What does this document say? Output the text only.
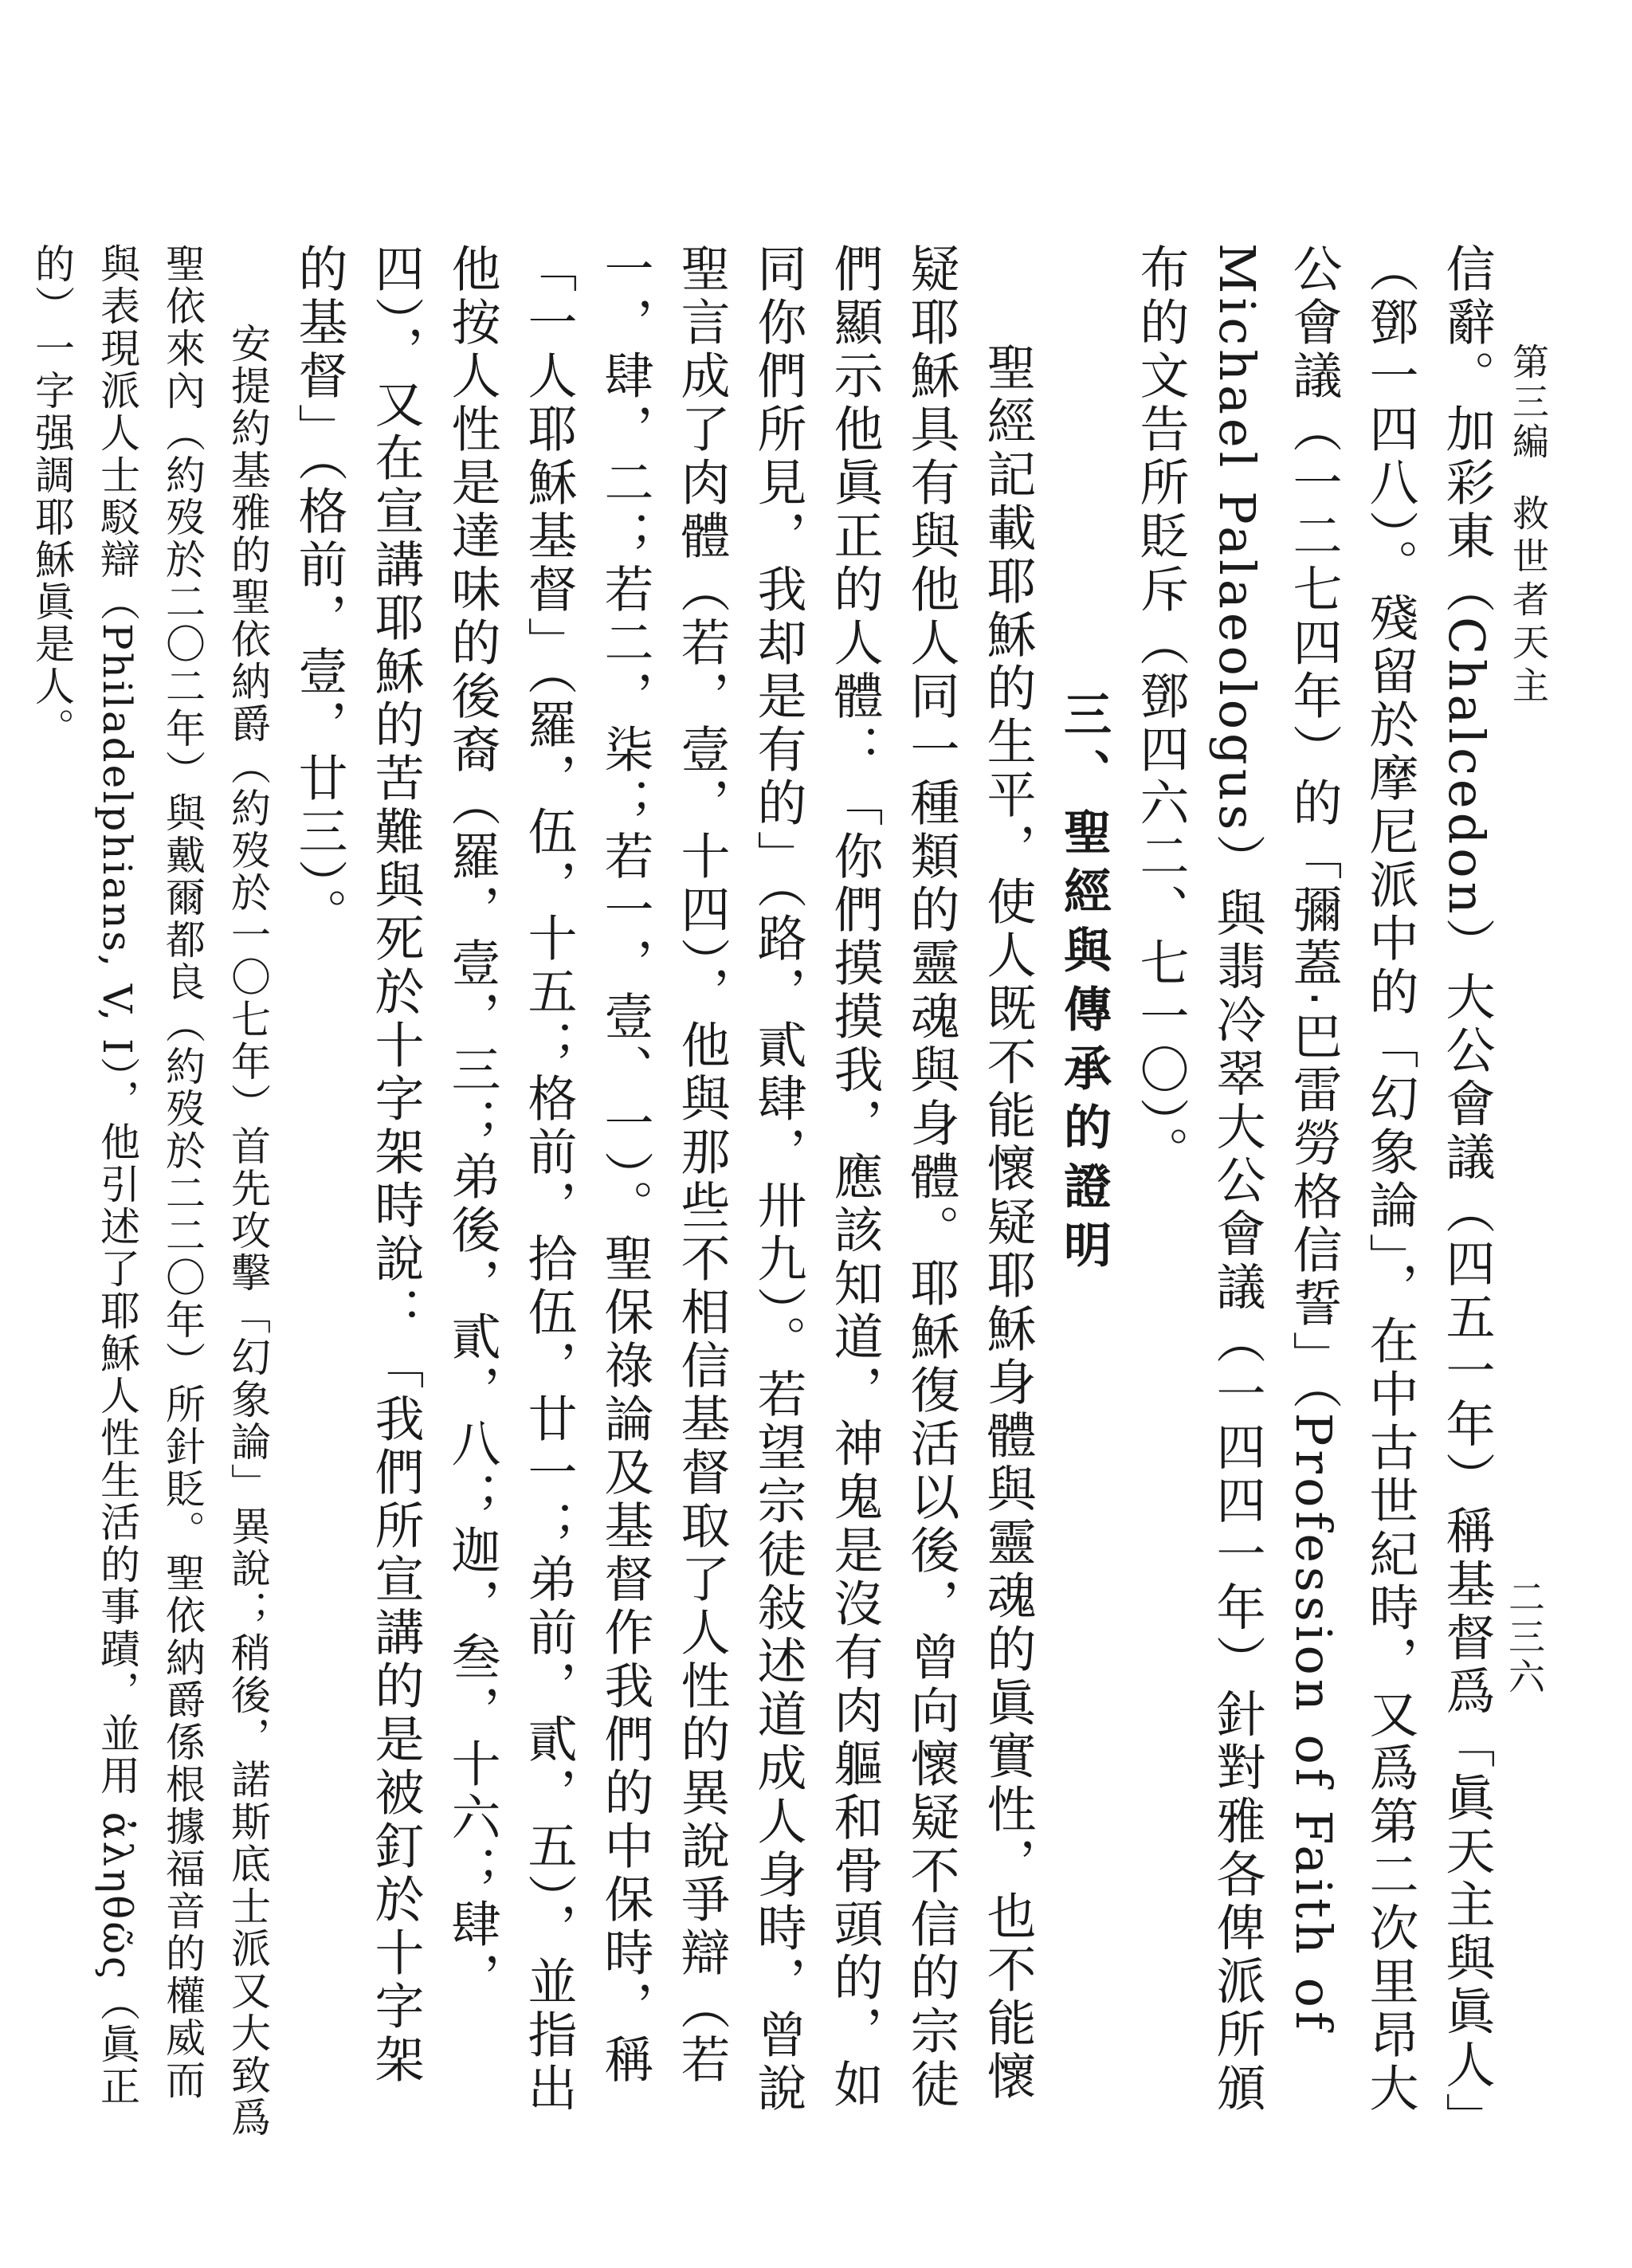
第三編
救世者天主
二三六

信辭。加彩東（Chalcedon）大公會議（四五一年）稱基督爲「眞天主與眞人」（鄧一四八）。殘留於摩尼派中的「幻象論」，在中古世紀時，又爲第二次里昂大公會議（一二七四年）的「彌蓋‧巴雷勞格信誓」（Profession of Faith of Michael Palaeologus）與翡冷翠大公會議（一四四一年）針對雅各俾派所頒布的文告所貶斥（鄧四六二、七一〇）。

三、聖經與傳承的證明

聖經記載耶穌的生平，使人既不能懷疑耶穌身體與靈魂的眞實性，也不能懷疑耶穌具有與他人同一種類的靈魂與身體。耶穌復活以後，曾向懷疑不信的宗徒們顯示他眞正的人體：「你們摸摸我，應該知道，神鬼是沒有肉軀和骨頭的，如同你們所見，我却是有的」（路，貳肆，卅九）。若望宗徒敍述道成人身時，曾說聖言成了肉體（若，壹，十四），他與那些不相信基督取了人性的異說爭辯（若一，肆，二；若二，柒；若一，壹、一）。聖保祿論及基督作我們的中保時，稱「一人耶穌基督」（羅，伍，十五；格前，拾伍，廿一；弟前，貳，五），並指出他按人性是達味的後裔（羅，壹，三；弟後，貳，八；迦，叁，十六；肆，四），又在宣講耶穌的苦難與死於十字架時說：「我們所宣講的是被釘於十字架的基督」（格前，壹，廿三）。

安提約基雅的聖依納爵（約歿於一〇七年）首先攻擊「幻象論」異說；稍後，諾斯底士派又大致爲聖依來內（約歿於二〇二年）與戴爾都良（約歿於二二〇年）所針貶。聖依納爵係根據福音的權威而與表現派人士駁辯（Philadelphians, V, I），他引述了耶穌人性生活的事蹟，並用 ἀληθῶς（眞正的）一字强調耶穌眞是人。
